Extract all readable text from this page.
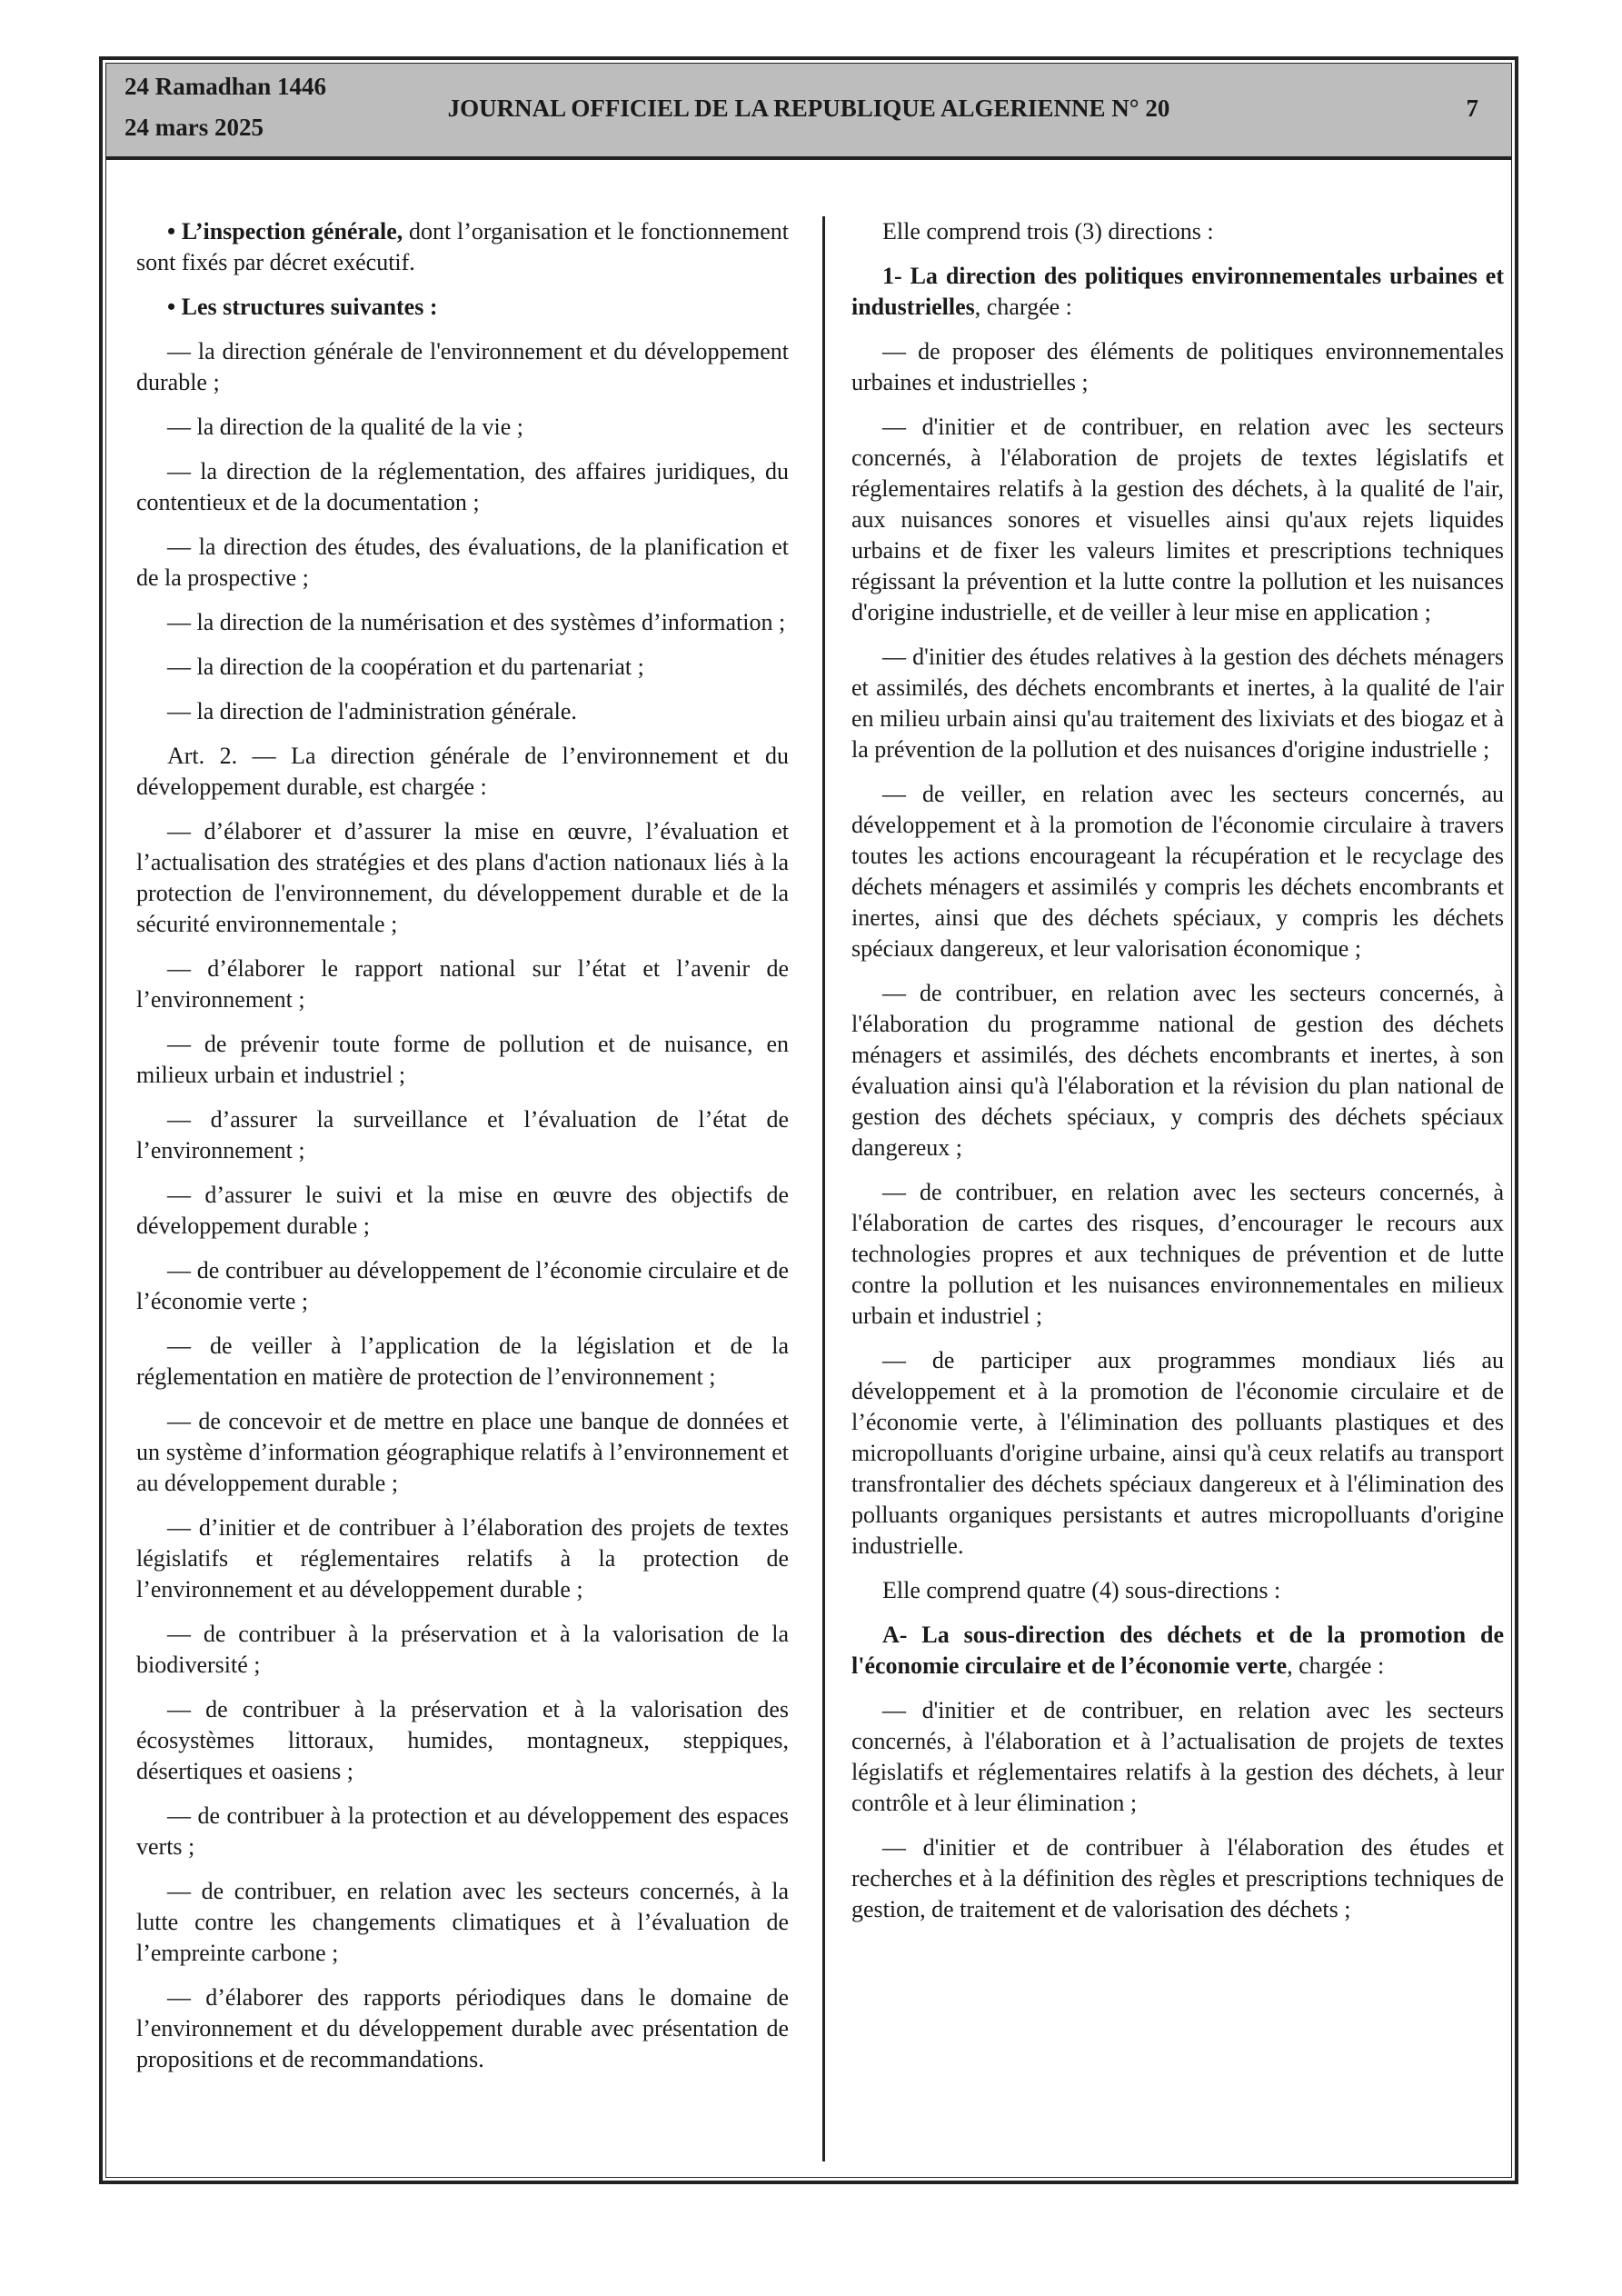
24 Ramadhan 1446
24 mars 2025
JOURNAL OFFICIEL DE LA REPUBLIQUE ALGERIENNE N° 20	7

• L’inspection générale, dont l’organisation et le fonctionnement sont fixés par décret exécutif.

• Les structures suivantes :

— la direction générale de l'environnement et du développement durable ;

— la direction de la qualité de la vie ;

— la direction de la réglementation, des affaires juridiques, du contentieux et de la documentation ;

— la direction des études, des évaluations, de la planification et de la prospective ;

— la direction de la numérisation et des systèmes d’information ;

— la direction de la coopération et du partenariat ;

— la direction de l'administration générale.

Art. 2. — La direction générale de l’environnement et du développement durable, est chargée :

— d’élaborer et d’assurer la mise en œuvre, l’évaluation et l’actualisation des stratégies et des plans d'action nationaux liés à la protection de l'environnement, du développement durable et de la sécurité environnementale ;

— d’élaborer le rapport national sur l’état et l’avenir de l’environnement ;

— de prévenir toute forme de pollution et de nuisance, en milieux urbain et industriel ;

— d’assurer la surveillance et l’évaluation de l’état de l’environnement ;

— d’assurer le suivi et la mise en œuvre des objectifs de développement durable ;

— de contribuer au développement de l’économie circulaire et de l’économie verte ;

— de veiller à l’application de la législation et de la réglementation en matière de protection de l’environnement ;

— de concevoir et de mettre en place une banque de données et un système d’information géographique relatifs à l’environnement et au développement durable ;

— d’initier et de contribuer à l’élaboration des projets de textes législatifs et réglementaires relatifs à la protection de l’environnement et au développement durable ;

— de contribuer à la préservation et à la valorisation de la biodiversité ;

— de contribuer à la préservation et à la valorisation des écosystèmes littoraux, humides, montagneux, steppiques, désertiques et oasiens ;

— de contribuer à la protection et au développement des espaces verts ;

— de contribuer, en relation avec les secteurs concernés, à la lutte contre les changements climatiques et à l’évaluation de l’empreinte carbone ;

— d’élaborer des rapports périodiques dans le domaine de l’environnement et du développement durable avec présentation de propositions et de recommandations.

Elle comprend trois (3) directions :

1- La direction des politiques environnementales urbaines et industrielles, chargée :

— de proposer des éléments de politiques environnementales urbaines et industrielles ;

— d'initier et de contribuer, en relation avec les secteurs concernés, à l'élaboration de projets de textes législatifs et réglementaires relatifs à la gestion des déchets, à la qualité de l'air, aux nuisances sonores et visuelles ainsi qu'aux rejets liquides urbains et de fixer les valeurs limites et prescriptions techniques régissant la prévention et la lutte contre la pollution et les nuisances d'origine industrielle, et de veiller à leur mise en application ;

— d'initier des études relatives à la gestion des déchets ménagers et assimilés, des déchets encombrants et inertes, à la qualité de l'air en milieu urbain ainsi qu'au traitement des lixiviats et des biogaz et à la prévention de la pollution et des nuisances d'origine industrielle ;

— de veiller, en relation avec les secteurs concernés, au développement et à la promotion de l'économie circulaire à travers toutes les actions encourageant la récupération et le recyclage des déchets ménagers et assimilés y compris les déchets encombrants et inertes, ainsi que des déchets spéciaux, y compris les déchets spéciaux dangereux, et leur valorisation économique ;

— de contribuer, en relation avec les secteurs concernés, à l'élaboration du programme national de gestion des déchets ménagers et assimilés, des déchets encombrants et inertes, à son évaluation ainsi qu'à l'élaboration et la révision du plan national de gestion des déchets spéciaux, y compris des déchets spéciaux dangereux ;

— de contribuer, en relation avec les secteurs concernés, à l'élaboration de cartes des risques, d’encourager le recours aux technologies propres et aux techniques de prévention et de lutte contre la pollution et les nuisances environnementales en milieux urbain et industriel ;

— de participer aux programmes mondiaux liés au développement et à la promotion de l'économie circulaire et de l’économie verte, à l'élimination des polluants plastiques et des micropolluants d'origine urbaine, ainsi qu'à ceux relatifs au transport transfrontalier des déchets spéciaux dangereux et à l'élimination des polluants organiques persistants et autres micropolluants d'origine industrielle.

Elle comprend quatre (4) sous-directions :

A- La sous-direction des déchets et de la promotion de l'économie circulaire et de l’économie verte, chargée :

— d'initier et de contribuer, en relation avec les secteurs concernés, à l'élaboration et à l’actualisation de projets de textes législatifs et réglementaires relatifs à la gestion des déchets, à leur contrôle et à leur élimination ;

— d'initier et de contribuer à l'élaboration des études et recherches et à la définition des règles et prescriptions techniques de gestion, de traitement et de valorisation des déchets ;
